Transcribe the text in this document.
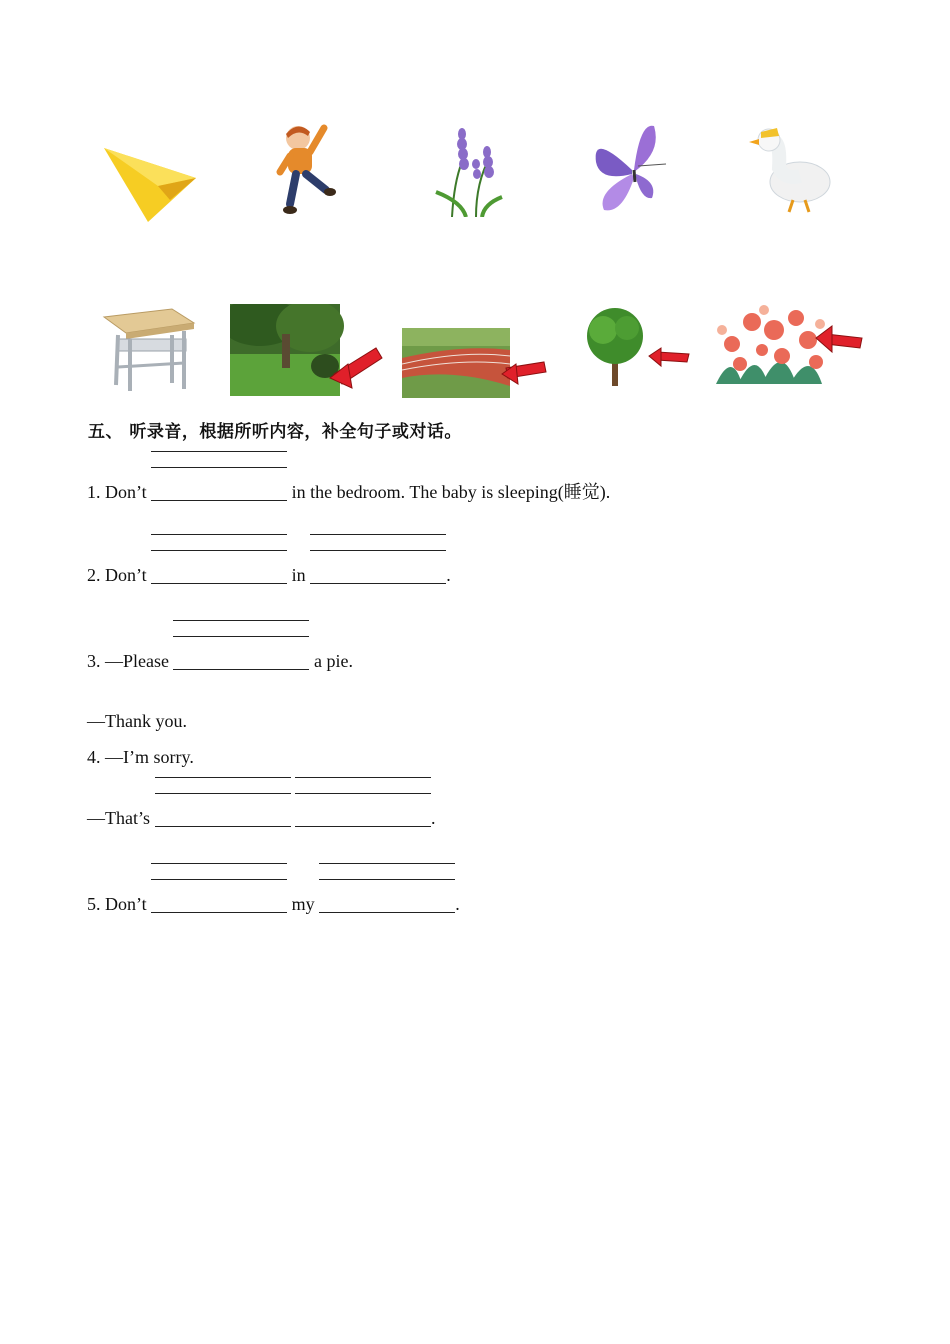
五、 听录音，根据所听内容，补全句子或对话。
1. Don’t	in the bedroom. The baby is sleeping(睡觉).
2. Don’t	in	.
3. —Please	a pie.
—Thank you.
4. —I’m sorry.
—That’s
	.
5. Don’t	my	.
